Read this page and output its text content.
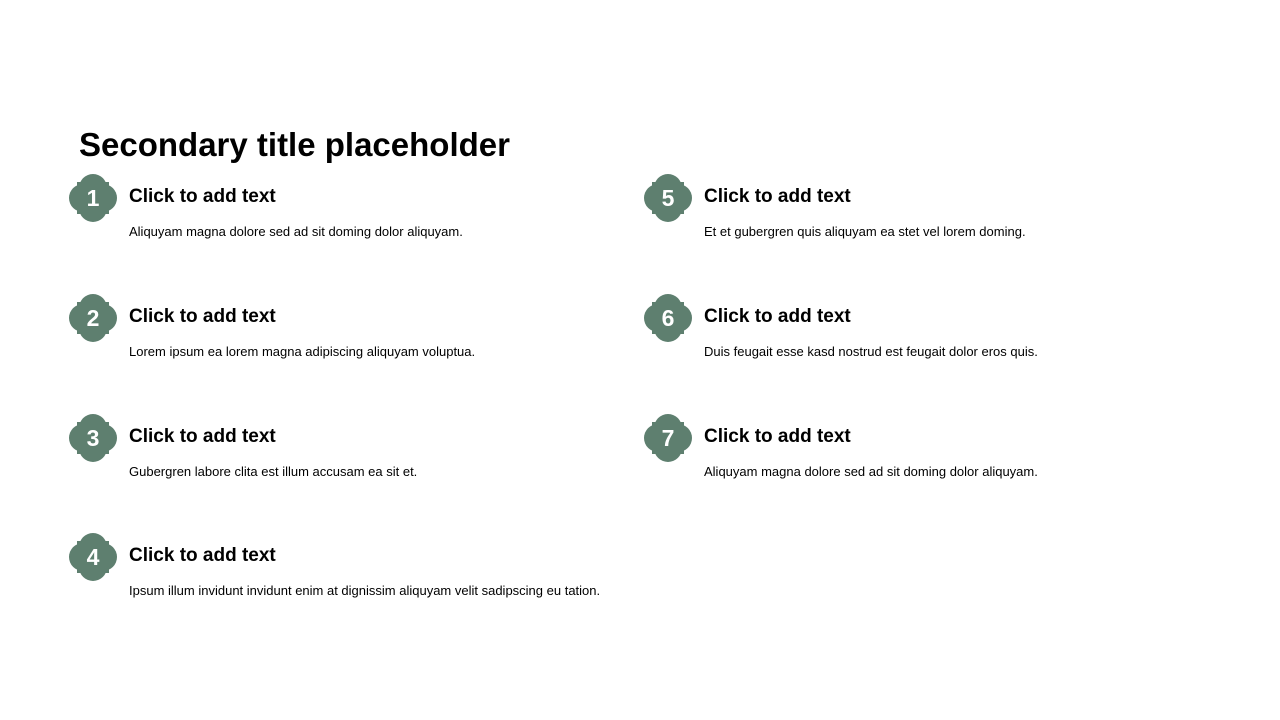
Secondary title placeholder
1	Click to add text
Aliquyam magna dolore sed ad sit doming dolor aliquyam.
2	Click to add text
Lorem ipsum ea lorem magna adipiscing aliquyam voluptua.
3	Click to add text
Gubergren labore clita est illum accusam ea sit et.
4	Click to add text
Ipsum illum invidunt invidunt enim at dignissim aliquyam velit sadipscing eu tation.
5	Click to add text
Et et gubergren quis aliquyam ea stet vel lorem doming.
6	Click to add text
Duis feugait esse kasd nostrud est feugait dolor eros quis.
7	Click to add text
Aliquyam magna dolore sed ad sit doming dolor aliquyam.
